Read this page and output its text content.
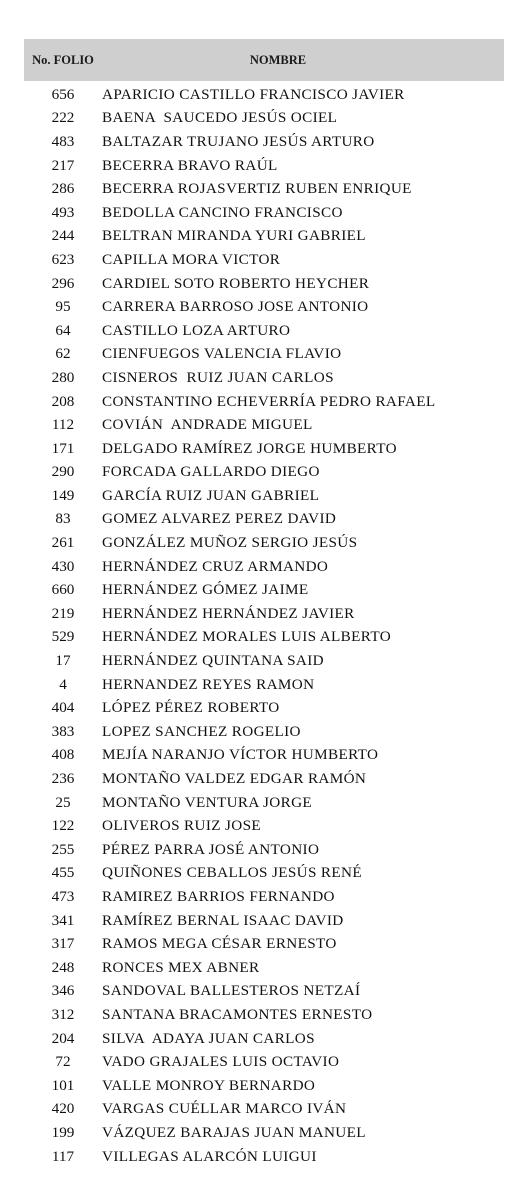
No. FOLIO	NOMBRE
656	APARICIO CASTILLO FRANCISCO JAVIER
222	BAENA  SAUCEDO JESÚS OCIEL
483	BALTAZAR TRUJANO JESÚS ARTURO
217	BECERRA BRAVO RAÚL
286	BECERRA ROJASVERTIZ RUBEN ENRIQUE
493	BEDOLLA CANCINO FRANCISCO
244	BELTRAN MIRANDA YURI GABRIEL
623	CAPILLA MORA VICTOR
296	CARDIEL SOTO ROBERTO HEYCHER
95	CARRERA BARROSO JOSE ANTONIO
64	CASTILLO LOZA ARTURO
62	CIENFUEGOS VALENCIA FLAVIO
280	CISNEROS  RUIZ JUAN CARLOS
208	CONSTANTINO ECHEVERRÍA PEDRO RAFAEL
112	COVIÁN  ANDRADE MIGUEL
171	DELGADO RAMÍREZ JORGE HUMBERTO
290	FORCADA GALLARDO DIEGO
149	GARCÍA RUIZ JUAN GABRIEL
83	GOMEZ ALVAREZ PEREZ DAVID
261	GONZÁLEZ MUÑOZ SERGIO JESÚS
430	HERNÁNDEZ CRUZ ARMANDO
660	HERNÁNDEZ GÓMEZ JAIME
219	HERNÁNDEZ HERNÁNDEZ JAVIER
529	HERNÁNDEZ MORALES LUIS ALBERTO
17	HERNÁNDEZ QUINTANA SAID
4	HERNANDEZ REYES RAMON
404	LÓPEZ PÉREZ ROBERTO
383	LOPEZ SANCHEZ ROGELIO
408	MEJÍA NARANJO VÍCTOR HUMBERTO
236	MONTAÑO VALDEZ EDGAR RAMÓN
25	MONTAÑO VENTURA JORGE
122	OLIVEROS RUIZ JOSE
255	PÉREZ PARRA JOSÉ ANTONIO
455	QUIÑONES CEBALLOS JESÚS RENÉ
473	RAMIREZ BARRIOS FERNANDO
341	RAMÍREZ BERNAL ISAAC DAVID
317	RAMOS MEGA CÉSAR ERNESTO
248	RONCES MEX ABNER
346	SANDOVAL BALLESTEROS NETZAÍ
312	SANTANA BRACAMONTES ERNESTO
204	SILVA  ADAYA JUAN CARLOS
72	VADO GRAJALES LUIS OCTAVIO
101	VALLE MONROY BERNARDO
420	VARGAS CUÉLLAR MARCO IVÁN
199	VÁZQUEZ BARAJAS JUAN MANUEL
117	VILLEGAS ALARCÓN LUIGUI
